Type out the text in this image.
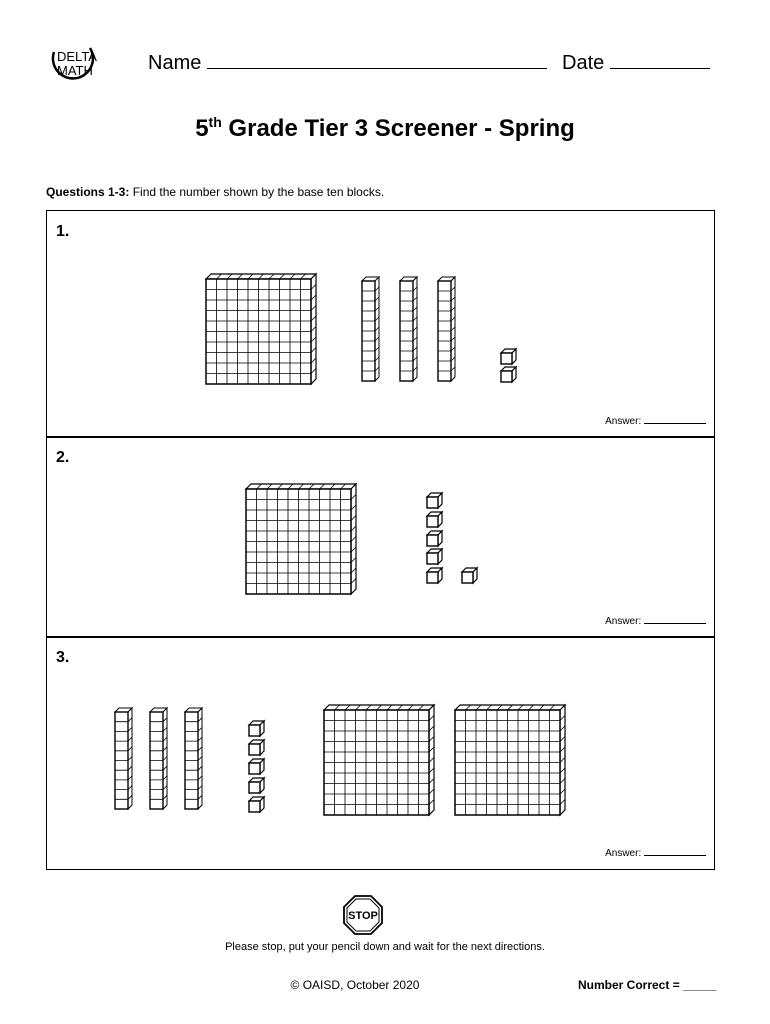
DELTA
MATH	Name	Date
5th Grade Tier 3 Screener - Spring
Questions 1-3: Find the number shown by the base ten blocks.
1.
Answer:
2.
Answer:
3.
Answer:
STOP
Please stop, put your pencil down and wait for the next directions.
© OAISD, October 2020	Number Correct = _____
